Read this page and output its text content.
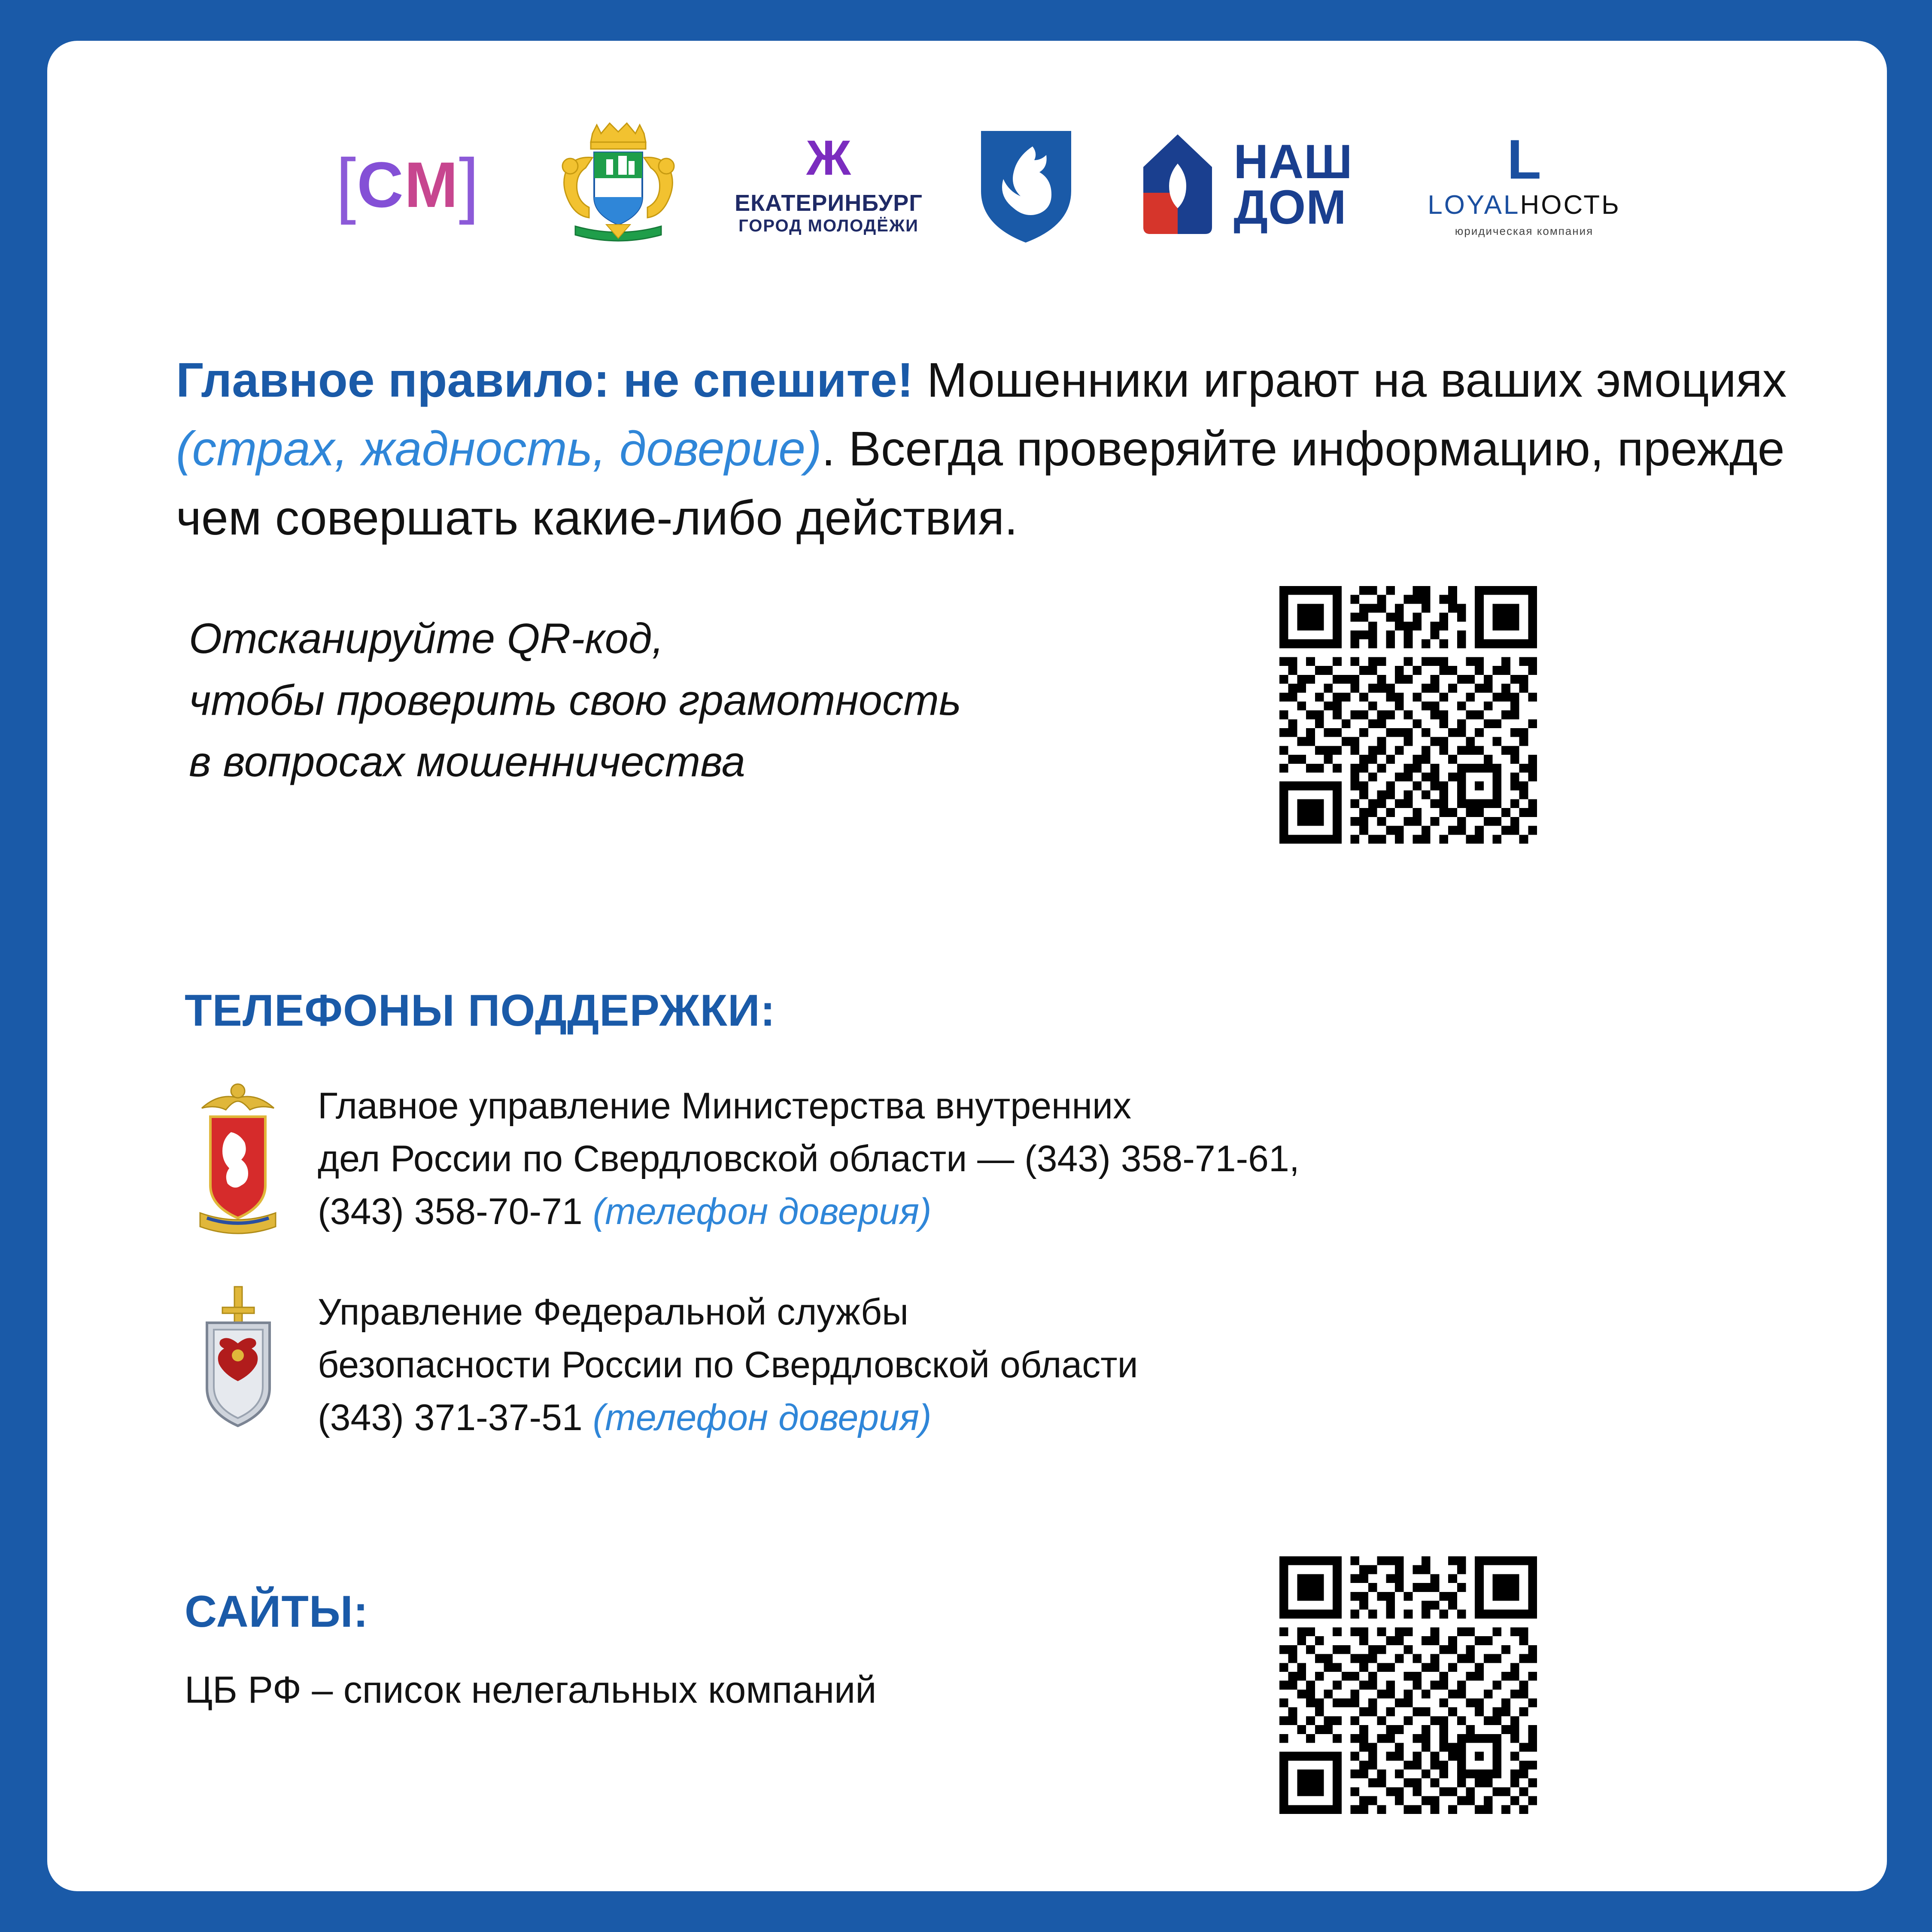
[ С М ]	Ж
ЕКАТЕРИНБУРГ
ГОРОД МОЛОДЁЖИ
НАШ
ДОМ
L
LOYALНОСТЬ
юридическая компания
Главное правило: не спешите! Мошенники играют на ваших эмоциях (страх, жадность, доверие). Всегда проверяйте информацию, прежде чем совершать какие-либо действия.
Отсканируйте QR-код,
чтобы проверить свою грамотность
в вопросах мошенничества
ТЕЛЕФОНЫ ПОДДЕРЖКИ:
Главное управление Министерства внутренних
дел России по Свердловской области — (343) 358-71-61,
(343) 358-70-71 (телефон доверия)
Управление Федеральной службы
безопасности России по Свердловской области
(343) 371-37-51 (телефон доверия)
САЙТЫ:
ЦБ РФ – список нелегальных компаний
